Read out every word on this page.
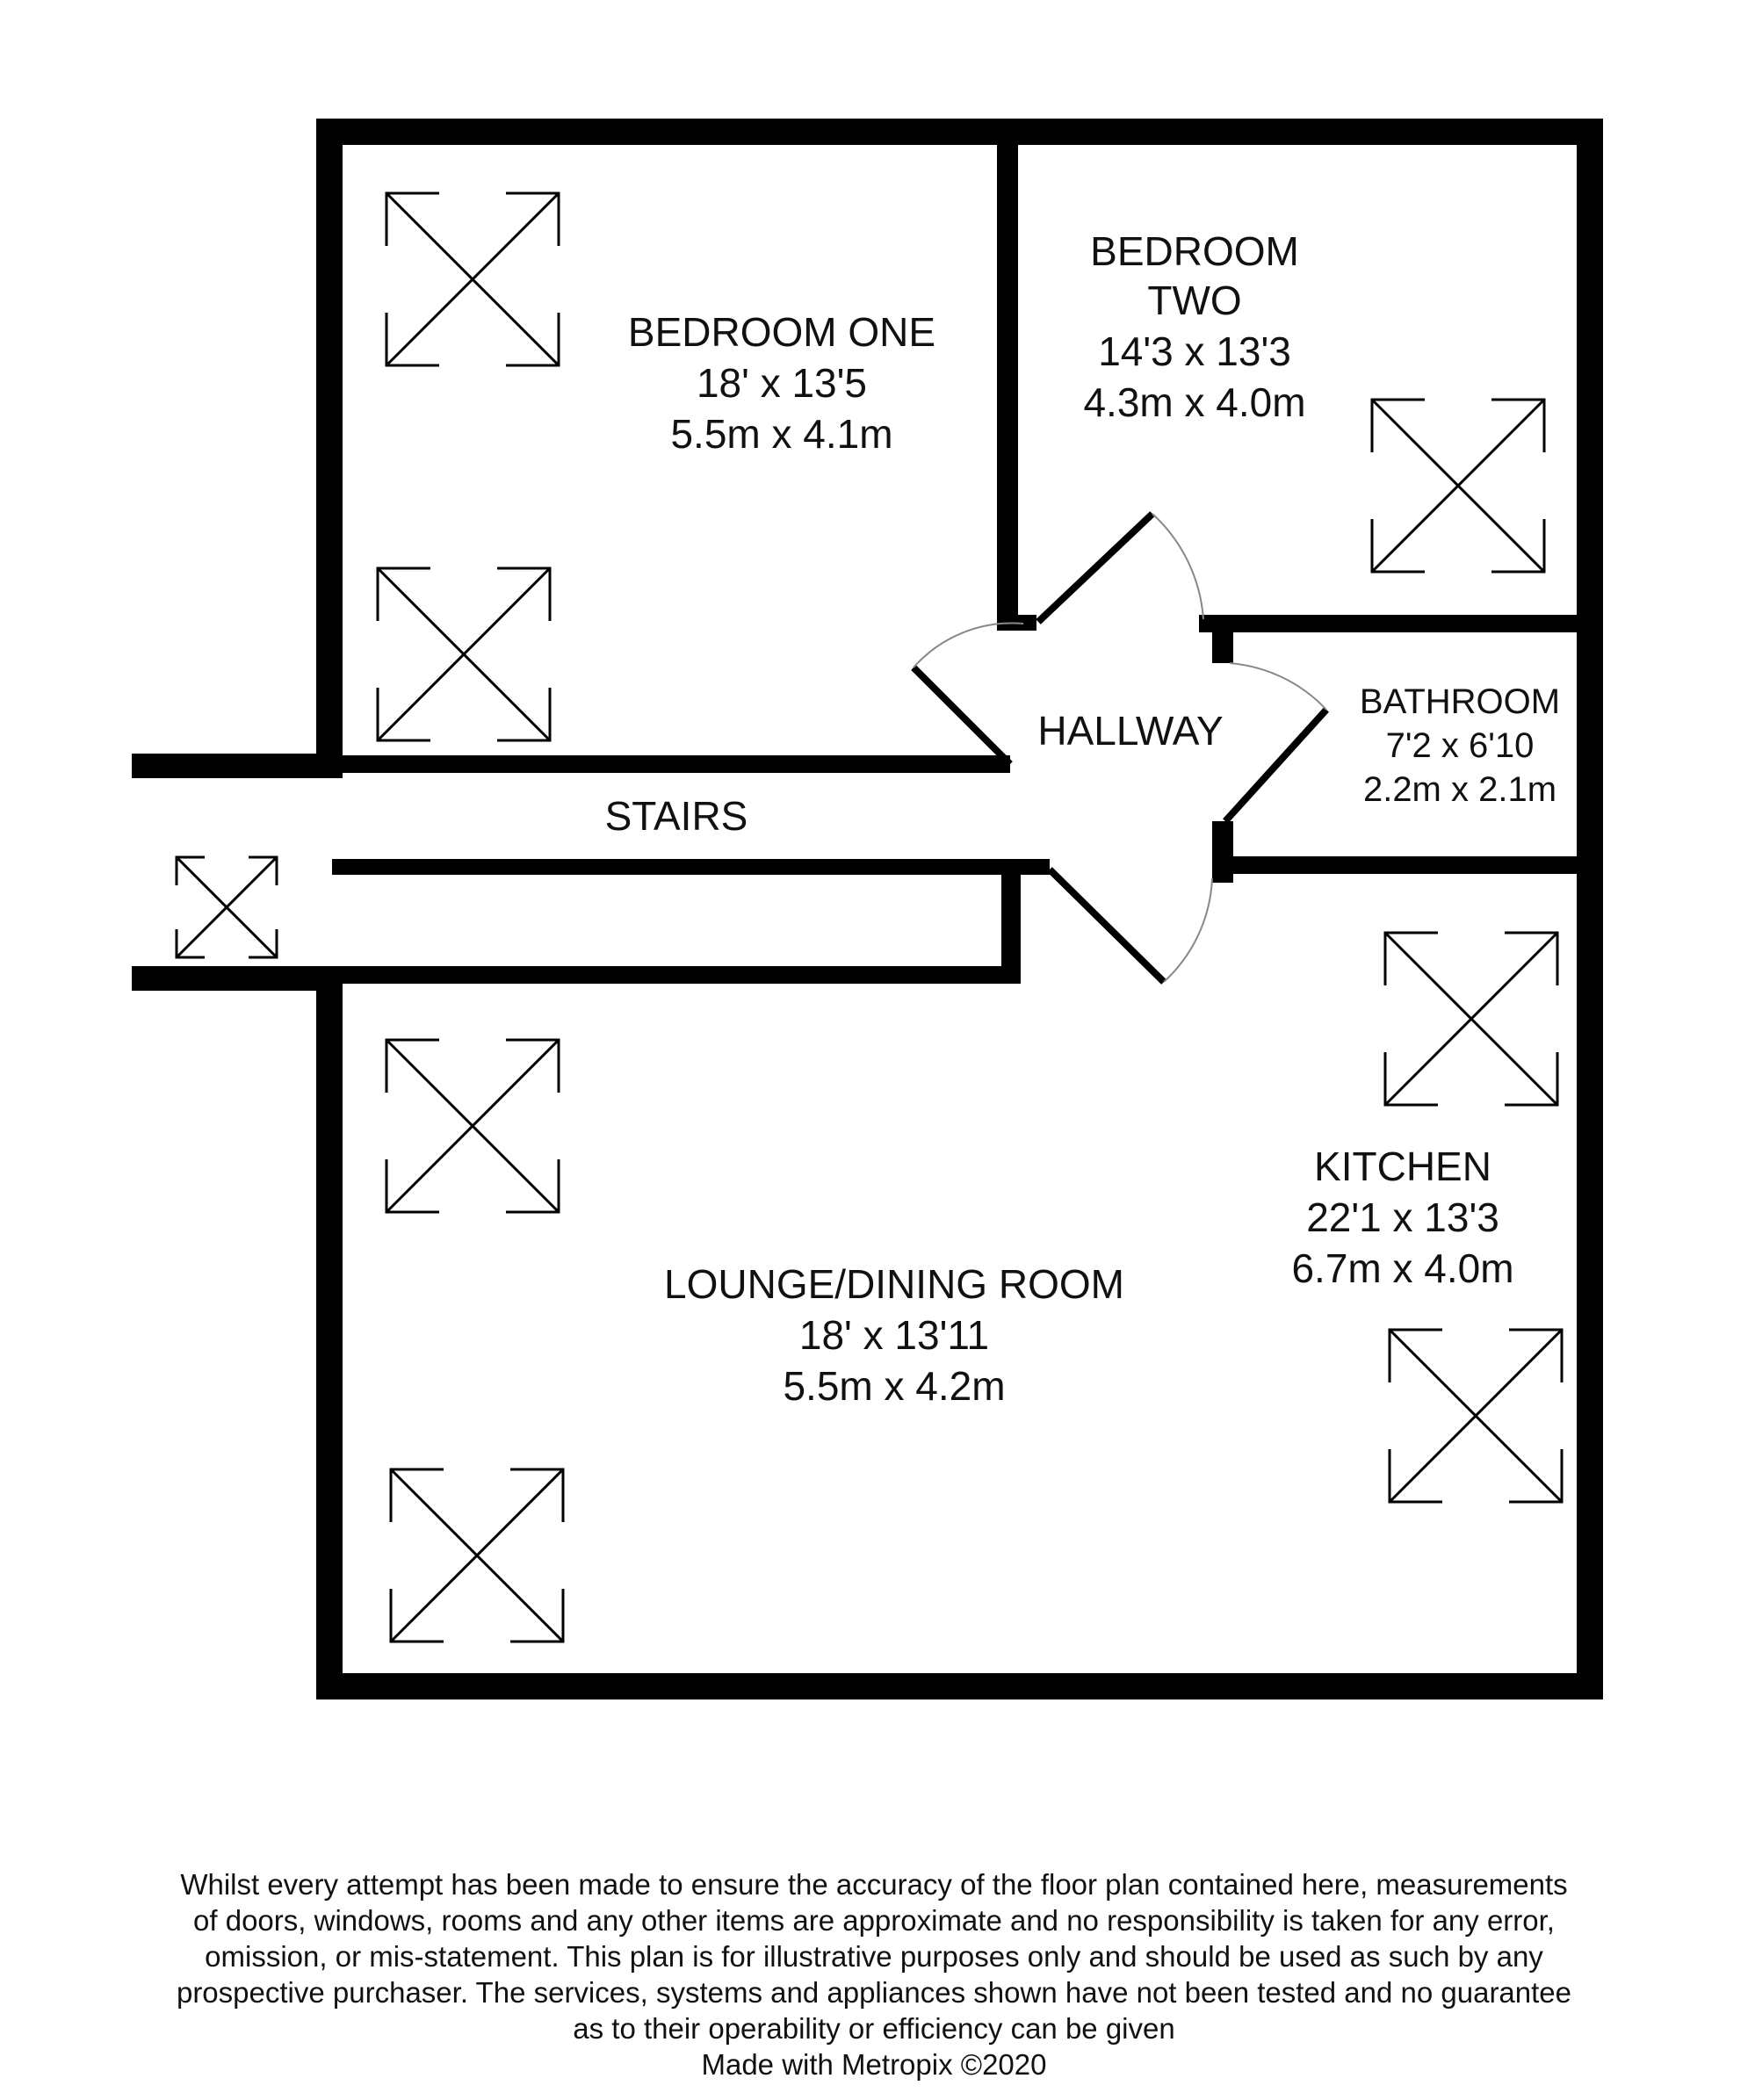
BEDROOM ONE
18' x 13'5
5.5m x 4.1m
BEDROOM
TWO
14'3 x 13'3
4.3m x 4.0m
BATHROOM
7'2 x 6'10
2.2m x 2.1m
HALLWAY
STAIRS
KITCHEN
22'1 x 13'3
6.7m x 4.0m
LOUNGE/DINING ROOM
18' x 13'11
5.5m x 4.2m
Whilst every attempt has been made to ensure the accuracy of the floor plan contained here, measurements
of doors, windows, rooms and any other items are approximate and no responsibility is taken for any error,
omission, or mis-statement. This plan is for illustrative purposes only and should be used as such by any
prospective purchaser. The services, systems and appliances shown have not been tested and no guarantee
as to their operability or efficiency can be given
Made with Metropix ©2020
